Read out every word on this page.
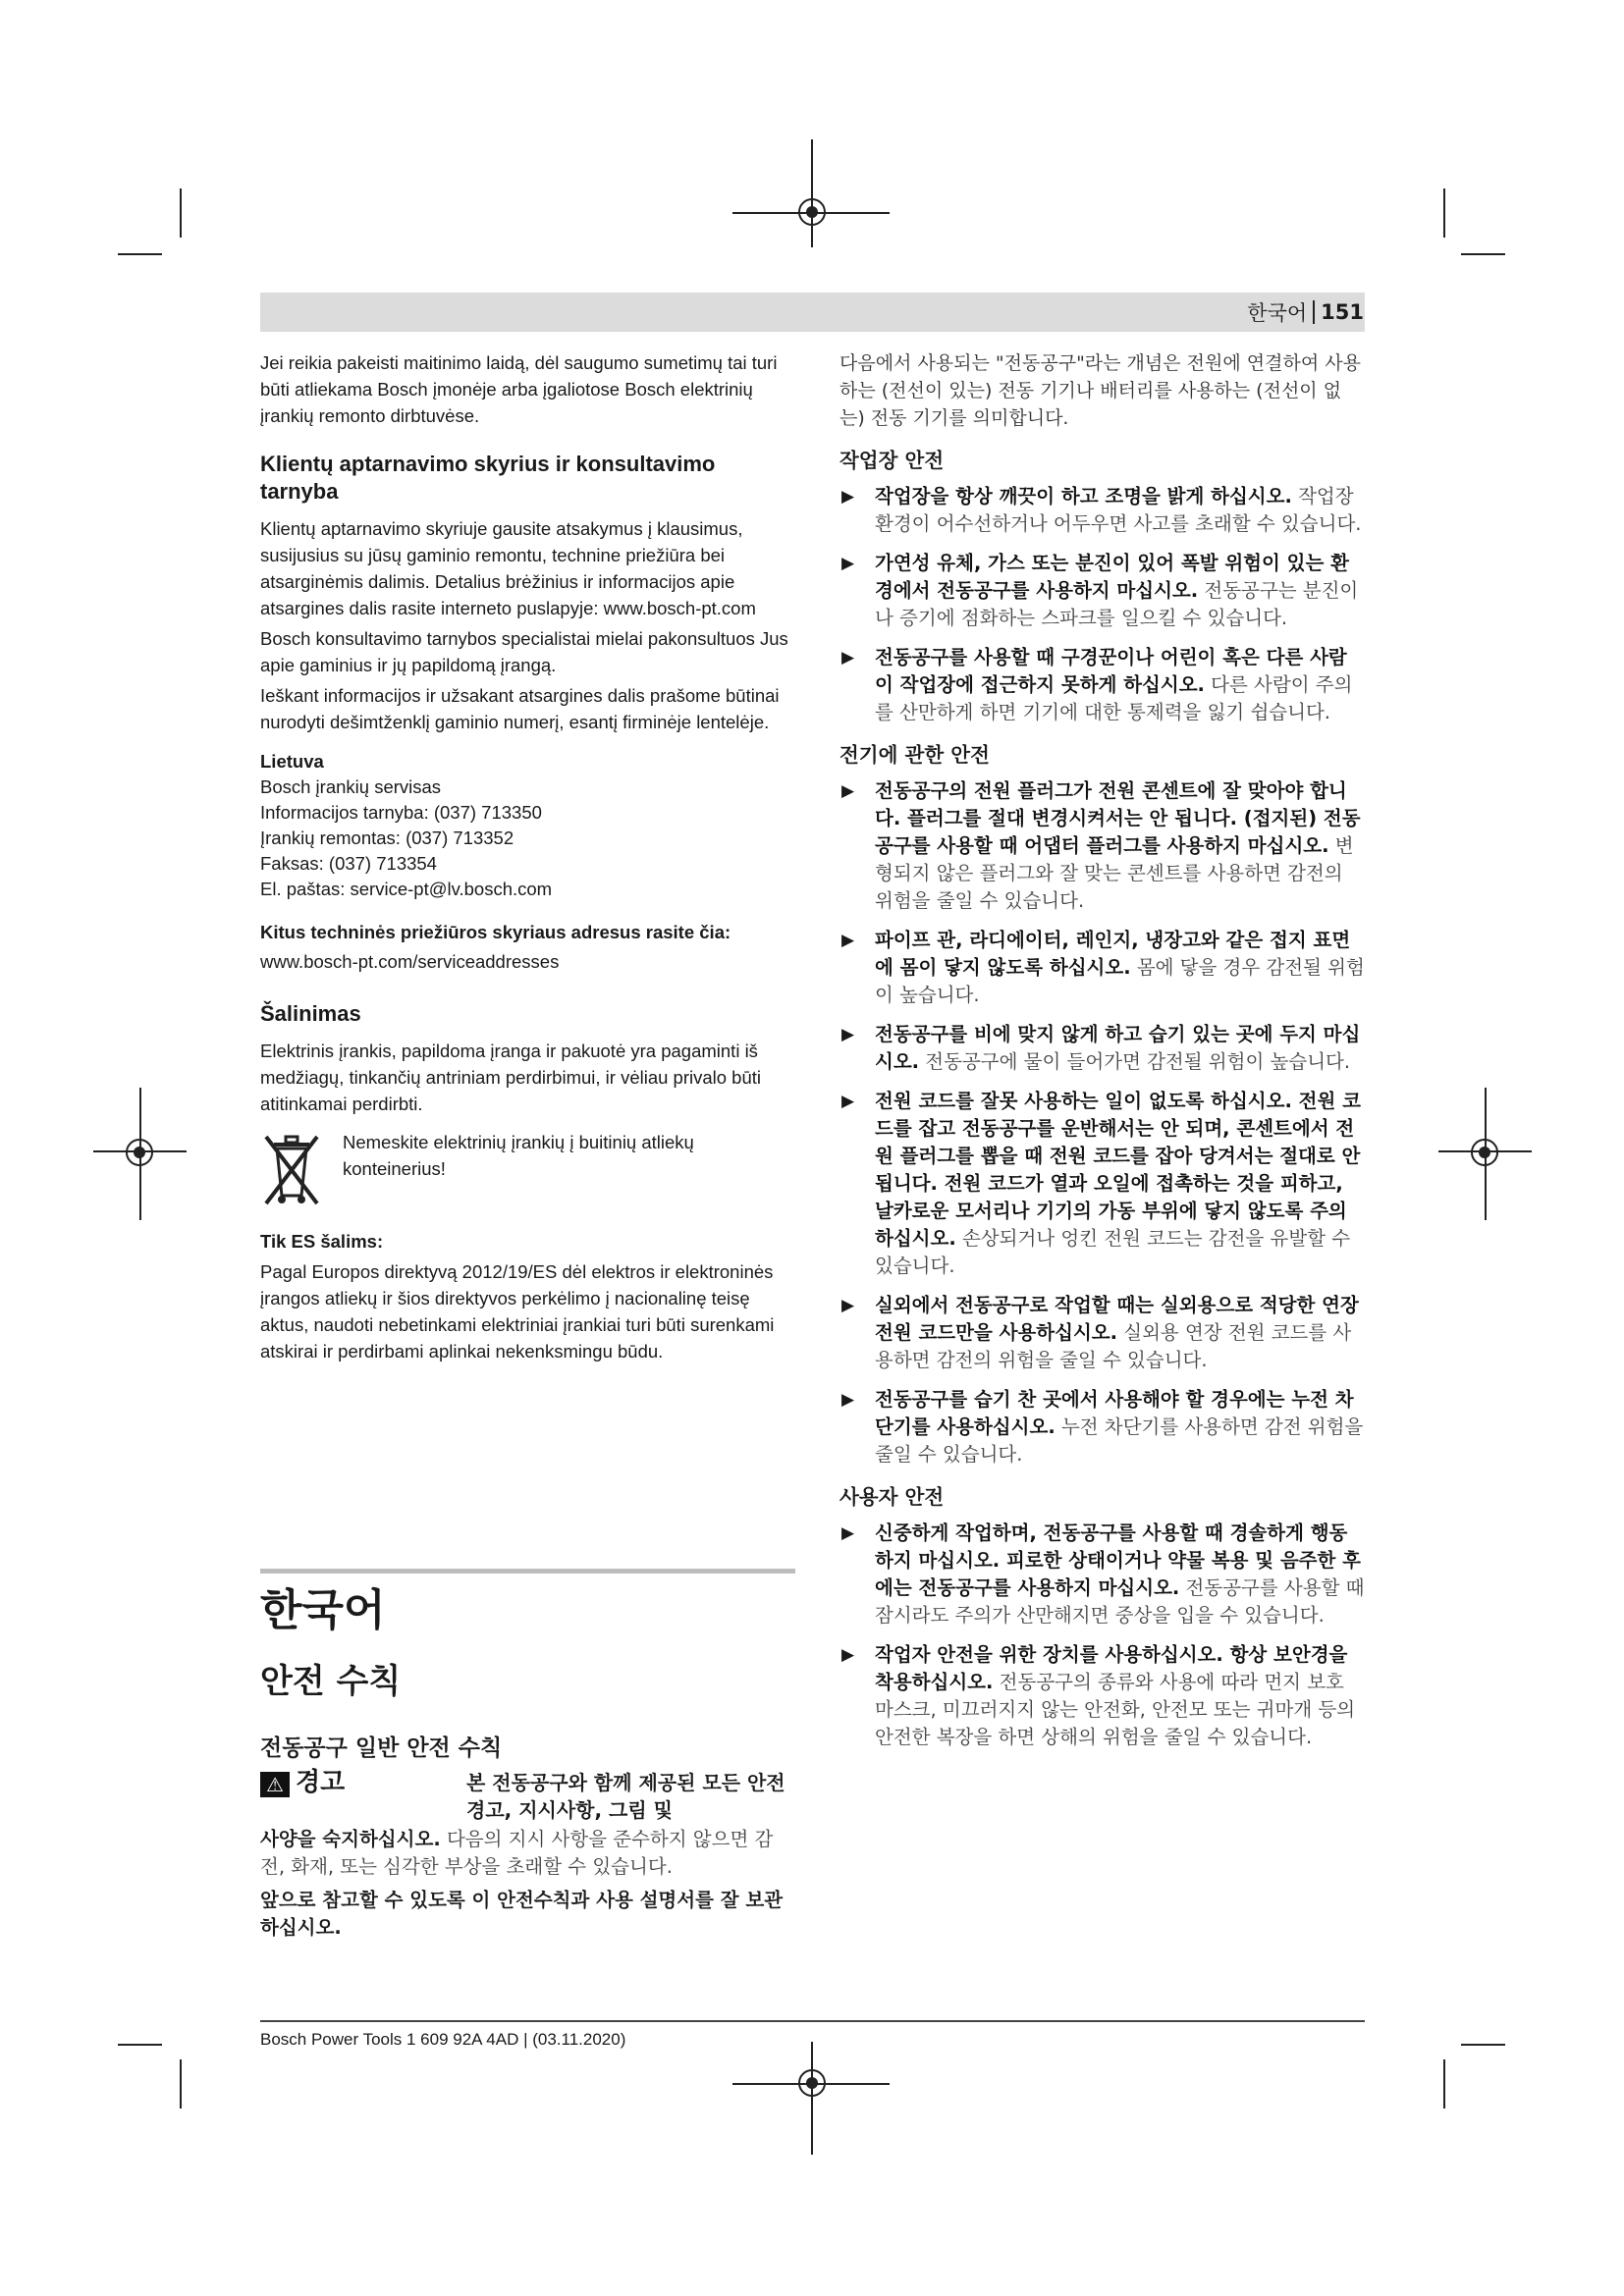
한국어 151

Jei reikia pakeisti maitinimo laidą, dėl saugumo sumetimų tai turi būti atliekama Bosch įmonėje arba įgaliotose Bosch elektrinių įrankių remonto dirbtuvėse.

Klientų aptarnavimo skyrius ir konsultavimo tarnyba

Klientų aptarnavimo skyriuje gausite atsakymus į klausimus, susijusius su jūsų gaminio remontu, technine priežiūra bei atsarginėmis dalimis. Detalius brėžinius ir informacijos apie atsargines dalis rasite interneto puslapyje: www.bosch-pt.com

Bosch konsultavimo tarnybos specialistai mielai pakonsultuos Jus apie gaminius ir jų papildomą įrangą.

Ieškant informacijos ir užsakant atsargines dalis prašome būtinai nurodyti dešimtženklį gaminio numerį, esantį firminėje lentelėje.

Lietuva
Bosch įrankių servisas
Informacijos tarnyba: (037) 713350
Įrankių remontas: (037) 713352
Faksas: (037) 713354
El. paštas: service-pt@lv.bosch.com
Kitus techninės priežiūros skyriaus adresus rasite čia:
www.bosch-pt.com/serviceaddresses
Šalinimas

Elektrinis įrankis, papildoma įranga ir pakuotė yra pagaminti iš medžiagų, tinkančių antriniam perdirbimui, ir vėliau privalo būti atitinkamai perdirbti.

Nemeskite elektrinių įrankių į buitinių atliekų konteinerius!
Tik ES šalims:

Pagal Europos direktyvą 2012/19/ES dėl elektros ir elektroninės įrangos atliekų ir šios direktyvos perkėlimo į nacionalinę teisę aktus, naudoti nebetinkami elektriniai įrankiai turi būti surenkami atskirai ir perdirbami aplinkai nekenksmingu būdu.

한국어
안전 수칙
전동공구 일반 안전 수칙
⚠ 경고	본 전동공구와 함께 제공된 모든 안전경고, 지시사항, 그림 및

사양을 숙지하십시오. 다음의 지시 사항을 준수하지 않으면 감전, 화재, 또는 심각한 부상을 초래할 수 있습니다.

앞으로 참고할 수 있도록 이 안전수칙과 사용 설명서를 잘 보관하십시오.

다음에서 사용되는 "전동공구"라는 개념은 전원에 연결하여 사용하는 (전선이 있는) 전동 기기나 배터리를 사용하는 (전선이 없는) 전동 기기를 의미합니다.

작업장 안전
▶ 작업장을 항상 깨끗이 하고 조명을 밝게 하십시오. 작업장 환경이 어수선하거나 어두우면 사고를 초래할 수 있습니다.
▶ 가연성 유체, 가스 또는 분진이 있어 폭발 위험이 있는 환경에서 전동공구를 사용하지 마십시오. 전동공구는 분진이나 증기에 점화하는 스파크를 일으킬 수 있습니다.
▶ 전동공구를 사용할 때 구경꾼이나 어린이 혹은 다른 사람이 작업장에 접근하지 못하게 하십시오. 다른 사람이 주의를 산만하게 하면 기기에 대한 통제력을 잃기 쉽습니다.
전기에 관한 안전
▶ 전동공구의 전원 플러그가 전원 콘센트에 잘 맞아야 합니다. 플러그를 절대 변경시켜서는 안 됩니다. (접지된) 전동공구를 사용할 때 어댑터 플러그를 사용하지 마십시오. 변형되지 않은 플러그와 잘 맞는 콘센트를 사용하면 감전의 위험을 줄일 수 있습니다.
▶ 파이프 관, 라디에이터, 레인지, 냉장고와 같은 접지 표면에 몸이 닿지 않도록 하십시오. 몸에 닿을 경우 감전될 위험이 높습니다.
▶ 전동공구를 비에 맞지 않게 하고 습기 있는 곳에 두지 마십시오. 전동공구에 물이 들어가면 감전될 위험이 높습니다.
▶ 전원 코드를 잘못 사용하는 일이 없도록 하십시오. 전원 코드를 잡고 전동공구를 운반해서는 안 되며, 콘센트에서 전원 플러그를 뽑을 때 전원 코드를 잡아 당겨서는 절대로 안 됩니다. 전원 코드가 열과 오일에 접촉하는 것을 피하고, 날카로운 모서리나 기기의 가동 부위에 닿지 않도록 주의하십시오. 손상되거나 엉킨 전원 코드는 감전을 유발할 수 있습니다.
▶ 실외에서 전동공구로 작업할 때는 실외용으로 적당한 연장 전원 코드만을 사용하십시오. 실외용 연장 전원 코드를 사용하면 감전의 위험을 줄일 수 있습니다.
▶ 전동공구를 습기 찬 곳에서 사용해야 할 경우에는 누전 차단기를 사용하십시오. 누전 차단기를 사용하면 감전 위험을 줄일 수 있습니다.
사용자 안전
▶ 신중하게 작업하며, 전동공구를 사용할 때 경솔하게 행동하지 마십시오. 피로한 상태이거나 약물 복용 및 음주한 후에는 전동공구를 사용하지 마십시오. 전동공구를 사용할 때 잠시라도 주의가 산만해지면 중상을 입을 수 있습니다.
▶ 작업자 안전을 위한 장치를 사용하십시오. 항상 보안경을 착용하십시오. 전동공구의 종류와 사용에 따라 먼지 보호 마스크, 미끄러지지 않는 안전화, 안전모 또는 귀마개 등의 안전한 복장을 하면 상해의 위험을 줄일 수 있습니다.
Bosch Power Tools 1 609 92A 4AD | (03.11.2020)
